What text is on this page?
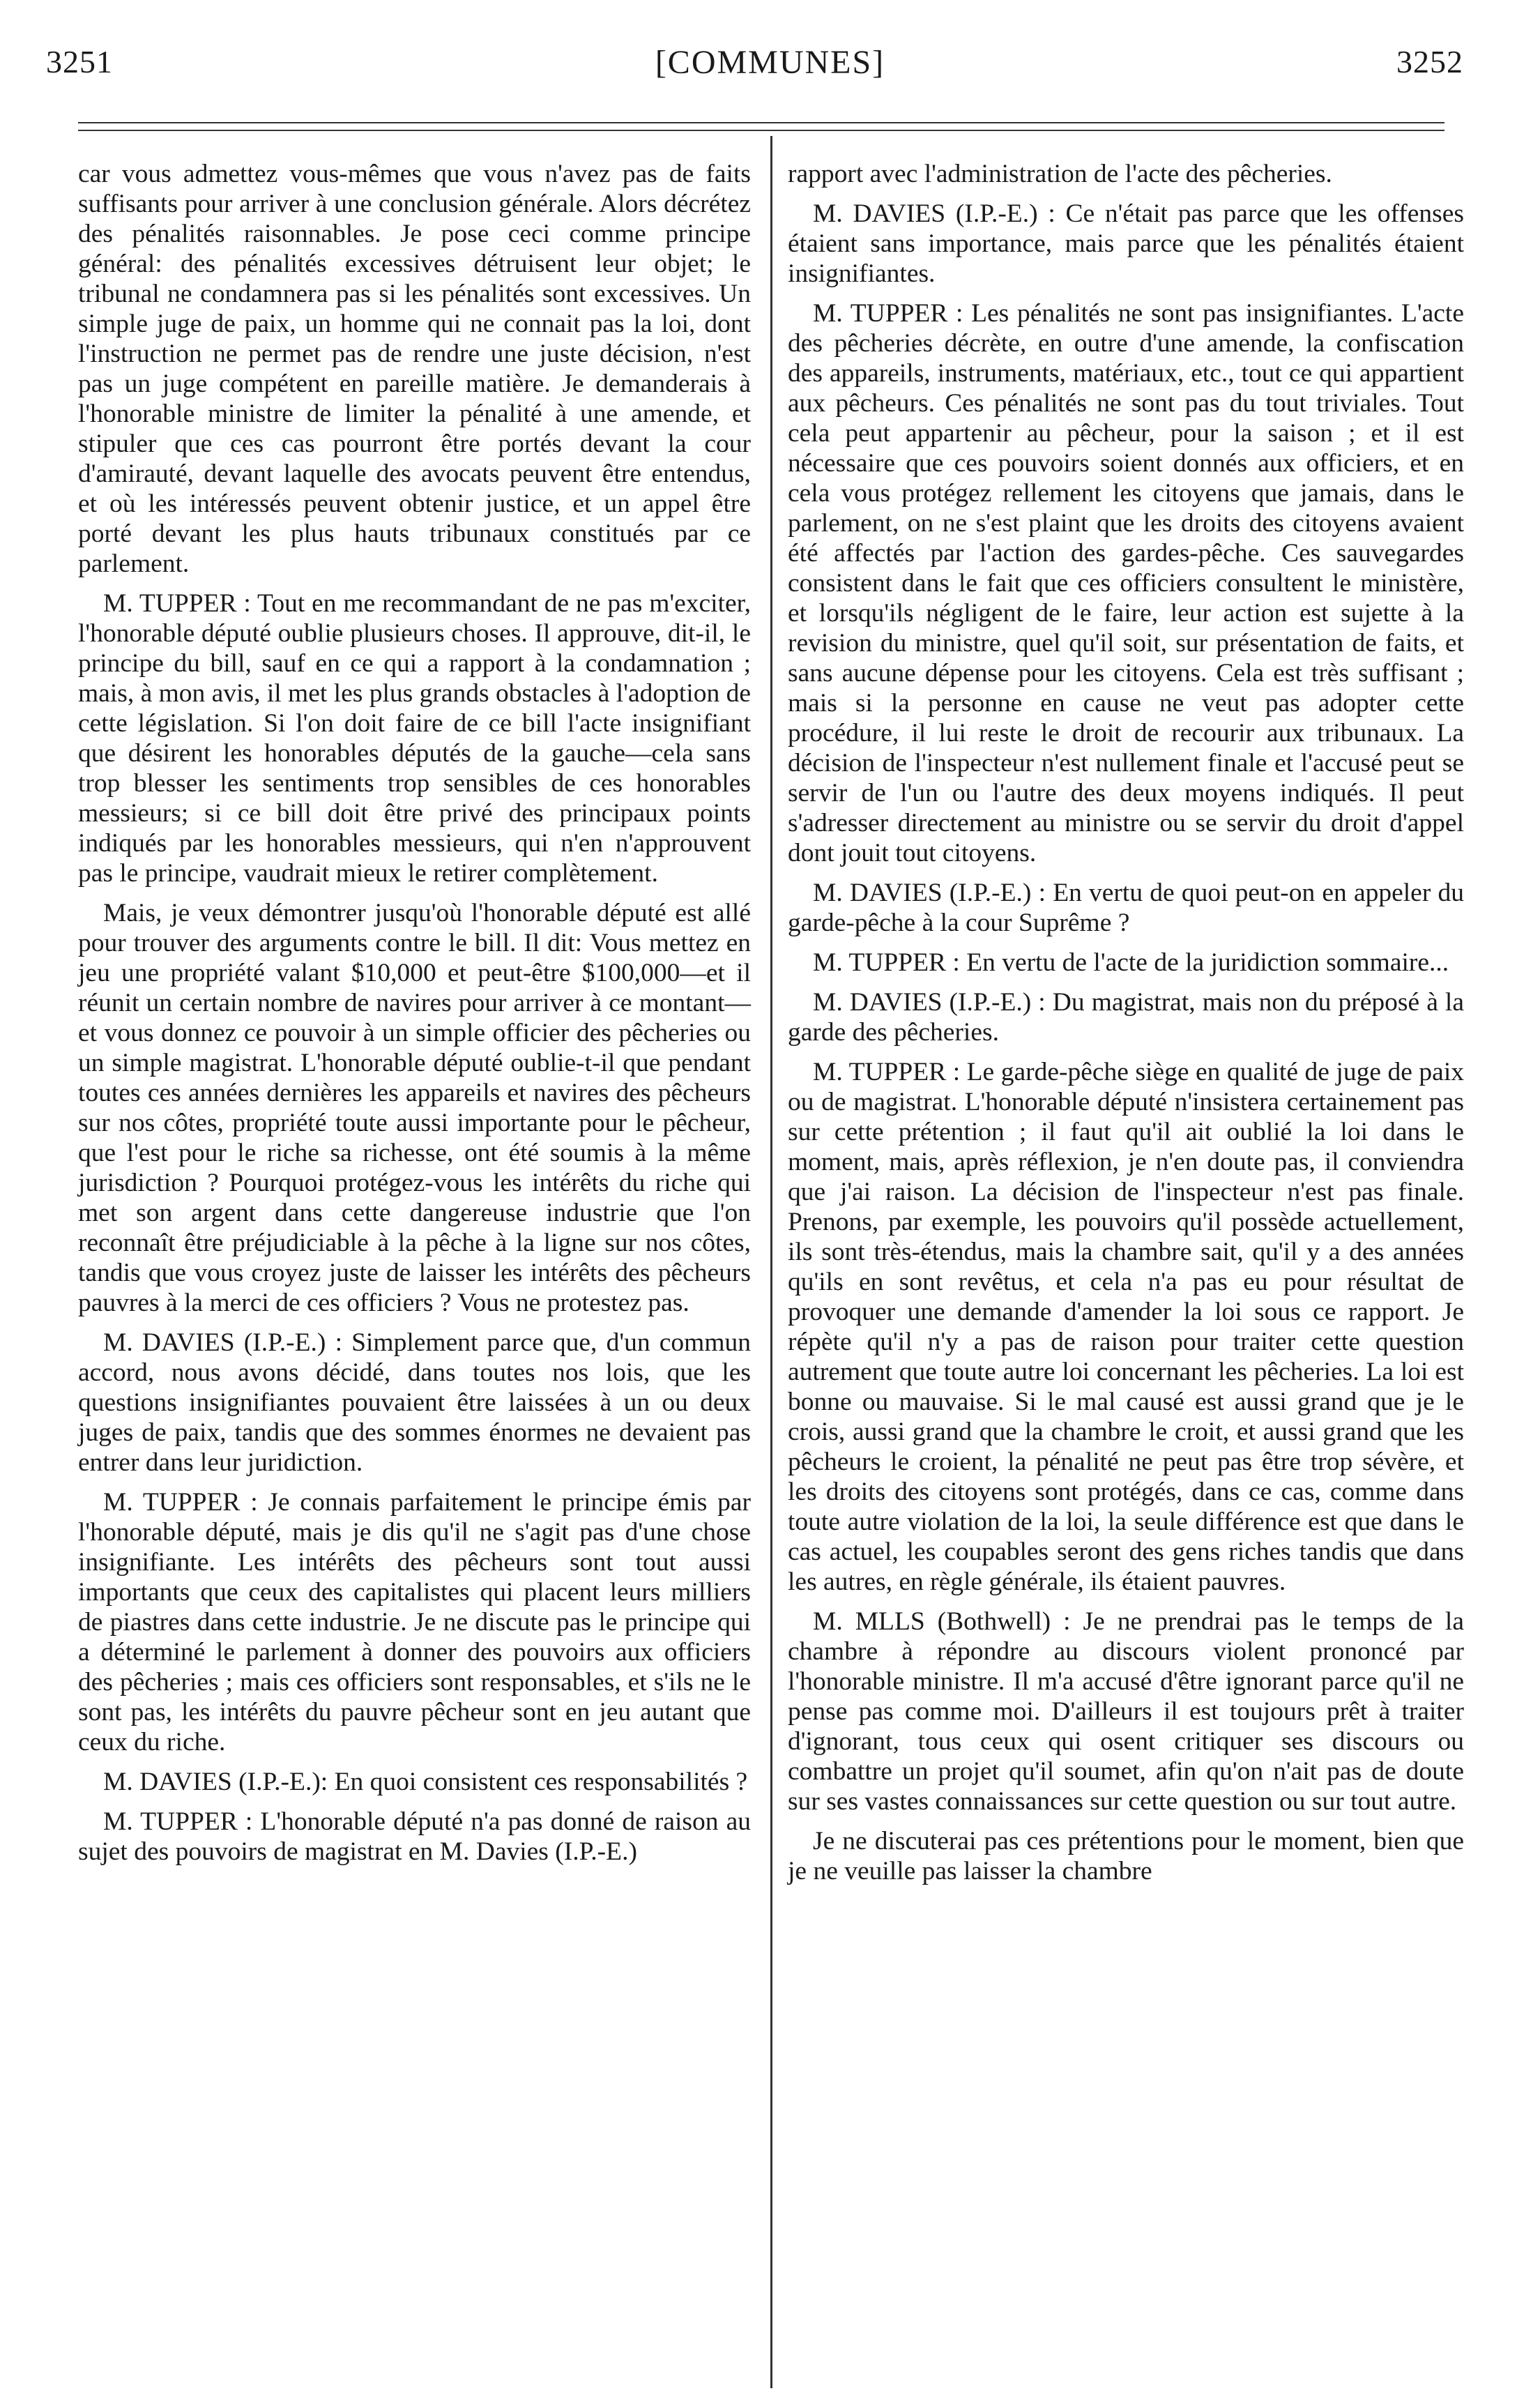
3251	[COMMUNES]	3252

car vous admettez vous-mêmes que vous n'avez pas de faits suffisants pour arriver à une conclusion générale. Alors décrétez des pénalités raisonnables. Je pose ceci comme principe général: des pénalités excessives détruisent leur objet; le tribunal ne condamnera pas si les pénalités sont excessives. Un simple juge de paix, un homme qui ne connait pas la loi, dont l'instruction ne permet pas de rendre une juste décision, n'est pas un juge compétent en pareille matière. Je demanderais à l'honorable ministre de limiter la pénalité à une amende, et stipuler que ces cas pourront être portés devant la cour d'amirauté, devant laquelle des avocats peuvent être entendus, et où les intéressés peuvent obtenir justice, et un appel être porté devant les plus hauts tribunaux constitués par ce parlement.

M. TUPPER : Tout en me recommandant de ne pas m'exciter, l'honorable député oublie plusieurs choses. Il approuve, dit-il, le principe du bill, sauf en ce qui a rapport à la condamnation ; mais, à mon avis, il met les plus grands obstacles à l'adoption de cette législation. Si l'on doit faire de ce bill l'acte insignifiant que désirent les honorables députés de la gauche—cela sans trop blesser les sentiments trop sensibles de ces honorables messieurs; si ce bill doit être privé des principaux points indiqués par les honorables messieurs, qui n'en n'approuvent pas le principe, vaudrait mieux le retirer complètement.

Mais, je veux démontrer jusqu'où l'honorable député est allé pour trouver des arguments contre le bill. Il dit: Vous mettez en jeu une propriété valant $10,000 et peut-être $100,000—et il réunit un certain nombre de navires pour arriver à ce montant—et vous donnez ce pouvoir à un simple officier des pêcheries ou un simple magistrat. L'honorable député oublie-t-il que pendant toutes ces années dernières les appareils et navires des pêcheurs sur nos côtes, propriété toute aussi importante pour le pêcheur, que l'est pour le riche sa richesse, ont été soumis à la même jurisdiction ? Pourquoi protégez-vous les intérêts du riche qui met son argent dans cette dangereuse industrie que l'on reconnaît être préjudiciable à la pêche à la ligne sur nos côtes, tandis que vous croyez juste de laisser les intérêts des pêcheurs pauvres à la merci de ces officiers ? Vous ne protestez pas.

M. DAVIES (I.P.-E.) : Simplement parce que, d'un commun accord, nous avons décidé, dans toutes nos lois, que les questions insignifiantes pouvaient être laissées à un ou deux juges de paix, tandis que des sommes énormes ne devaient pas entrer dans leur juridiction.

M. TUPPER : Je connais parfaitement le principe émis par l'honorable député, mais je dis qu'il ne s'agit pas d'une chose insignifiante. Les intérêts des pêcheurs sont tout aussi importants que ceux des capitalistes qui placent leurs milliers de piastres dans cette industrie. Je ne discute pas le principe qui a déterminé le parlement à donner des pouvoirs aux officiers des pêcheries ; mais ces officiers sont responsables, et s'ils ne le sont pas, les intérêts du pauvre pêcheur sont en jeu autant que ceux du riche.

M. DAVIES (I.P.-E.): En quoi consistent ces responsabilités ?

M. TUPPER : L'honorable député n'a pas donné de raison au sujet des pouvoirs de magistrat en M. Davies (I.P.-E.)

rapport avec l'administration de l'acte des pêcheries.

M. DAVIES (I.P.-E.) : Ce n'était pas parce que les offenses étaient sans importance, mais parce que les pénalités étaient insignifiantes.

M. TUPPER : Les pénalités ne sont pas insignifiantes. L'acte des pêcheries décrète, en outre d'une amende, la confiscation des appareils, instruments, matériaux, etc., tout ce qui appartient aux pêcheurs. Ces pénalités ne sont pas du tout triviales. Tout cela peut appartenir au pêcheur, pour la saison ; et il est nécessaire que ces pouvoirs soient donnés aux officiers, et en cela vous protégez rellement les citoyens que jamais, dans le parlement, on ne s'est plaint que les droits des citoyens avaient été affectés par l'action des gardes-pêche. Ces sauvegardes consistent dans le fait que ces officiers consultent le ministère, et lorsqu'ils négligent de le faire, leur action est sujette à la revision du ministre, quel qu'il soit, sur présentation de faits, et sans aucune dépense pour les citoyens. Cela est très suffisant ; mais si la personne en cause ne veut pas adopter cette procédure, il lui reste le droit de recourir aux tribunaux. La décision de l'inspecteur n'est nullement finale et l'accusé peut se servir de l'un ou l'autre des deux moyens indiqués. Il peut s'adresser directement au ministre ou se servir du droit d'appel dont jouit tout citoyens.

M. DAVIES (I.P.-E.) : En vertu de quoi peut-on en appeler du garde-pêche à la cour Suprême ?

M. TUPPER : En vertu de l'acte de la juridiction sommaire...

M. DAVIES (I.P.-E.) : Du magistrat, mais non du préposé à la garde des pêcheries.

M. TUPPER : Le garde-pêche siège en qualité de juge de paix ou de magistrat. L'honorable député n'insistera certainement pas sur cette prétention ; il faut qu'il ait oublié la loi dans le moment, mais, après réflexion, je n'en doute pas, il conviendra que j'ai raison. La décision de l'inspecteur n'est pas finale. Prenons, par exemple, les pouvoirs qu'il possède actuellement, ils sont très-étendus, mais la chambre sait, qu'il y a des années qu'ils en sont revêtus, et cela n'a pas eu pour résultat de provoquer une demande d'amender la loi sous ce rapport. Je répète qu'il n'y a pas de raison pour traiter cette question autrement que toute autre loi concernant les pêcheries. La loi est bonne ou mauvaise. Si le mal causé est aussi grand que je le crois, aussi grand que la chambre le croit, et aussi grand que les pêcheurs le croient, la pénalité ne peut pas être trop sévère, et les droits des citoyens sont protégés, dans ce cas, comme dans toute autre violation de la loi, la seule différence est que dans le cas actuel, les coupables seront des gens riches tandis que dans les autres, en règle générale, ils étaient pauvres.

M. MLLS (Bothwell) : Je ne prendrai pas le temps de la chambre à répondre au discours violent prononcé par l'honorable ministre. Il m'a accusé d'être ignorant parce qu'il ne pense pas comme moi. D'ailleurs il est toujours prêt à traiter d'ignorant, tous ceux qui osent critiquer ses discours ou combattre un projet qu'il soumet, afin qu'on n'ait pas de doute sur ses vastes connaissances sur cette question ou sur tout autre.

Je ne discuterai pas ces prétentions pour le moment, bien que je ne veuille pas laisser la chambre
